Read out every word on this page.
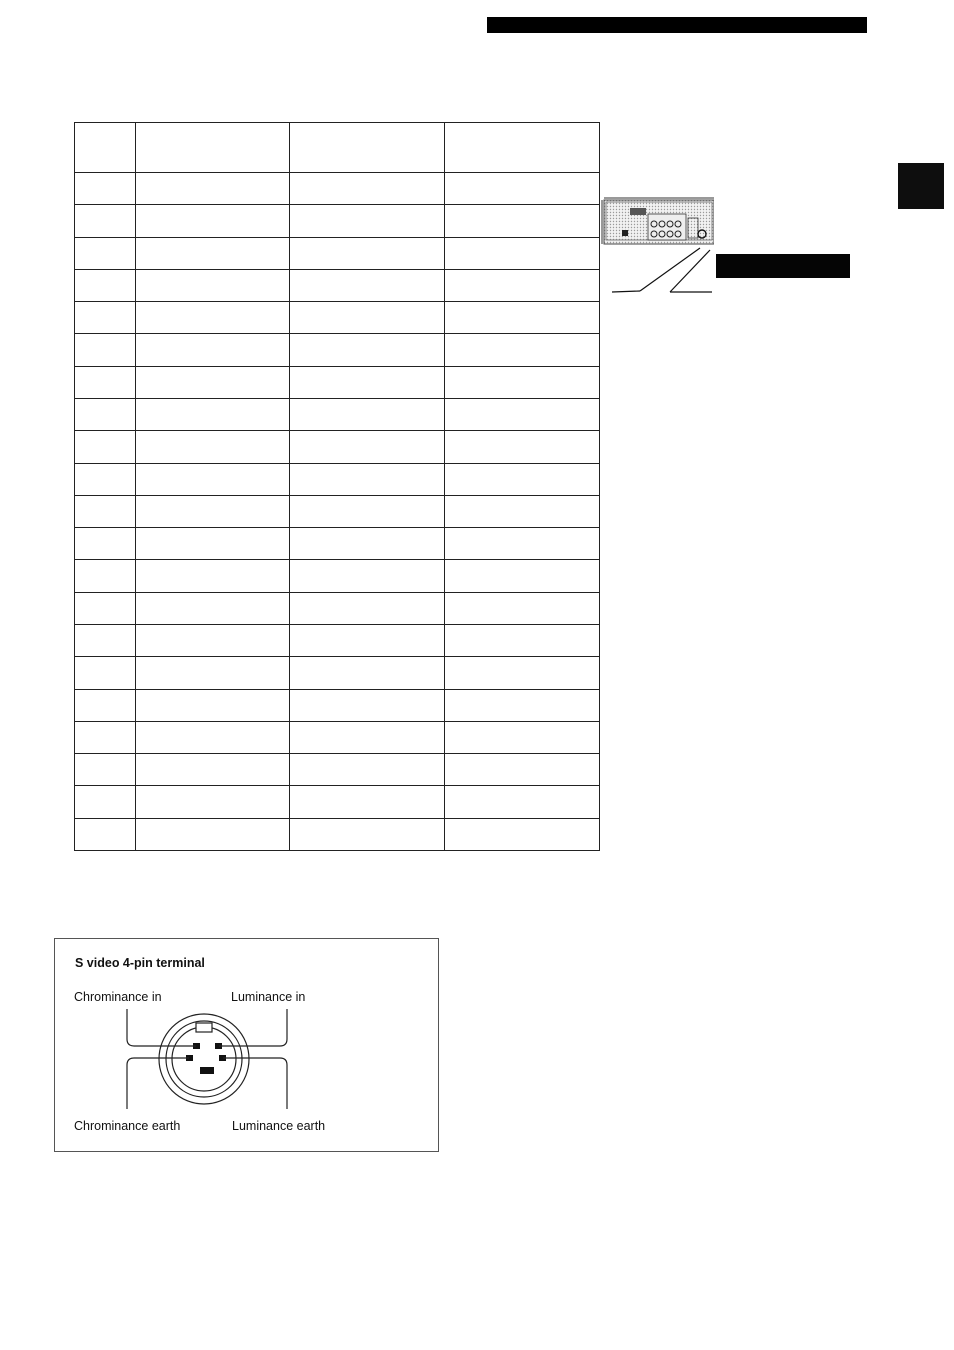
S video 4-pin terminal
Chrominance in	Luminance in
Chrominance earth	Luminance earth
